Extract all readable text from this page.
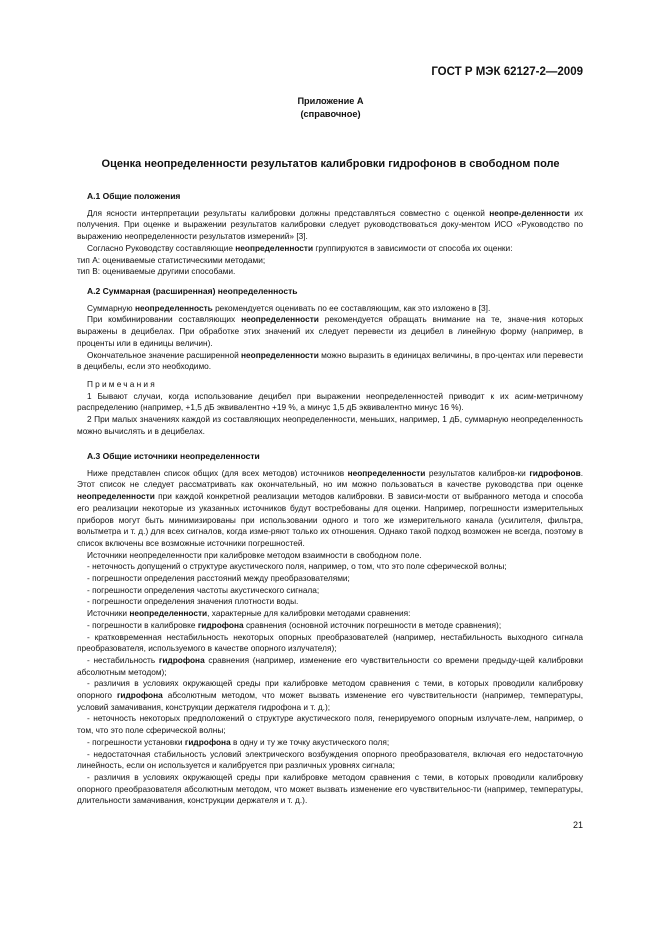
ГОСТ Р МЭК 62127-2—2009
Приложение А
(справочное)
Оценка неопределенности результатов калибровки гидрофонов в свободном поле

А.1 Общие положения

Для ясности интерпретации результаты калибровки должны представляться совместно с оценкой неопре-деленности их получения. При оценке и выражении результатов калибровки следует руководствоваться доку-ментом ИСО «Руководство по выражению неопределенности результатов измерений» [3].

Согласно Руководству составляющие неопределенности группируются в зависимости от способа их оценки:

тип А: оцениваемые статистическими методами;

тип В: оцениваемые другими способами.

А.2 Суммарная (расширенная) неопределенность

Суммарную неопределенность рекомендуется оценивать по ее составляющим, как это изложено в [3].

При комбинировании составляющих неопределенности рекомендуется обращать внимание на те, значе-ния которых выражены в децибелах. При обработке этих значений их следует перевести из децибел в линейную форму (например, в проценты или в единицы величин).

Окончательное значение расширенной неопределенности можно выразить в единицах величины, в про-центах или перевести в децибелы, если это необходимо.

Примечания

1 Бывают случаи, когда использование децибел при выражении неопределенностей приводит к их асим-метричному распределению (например, +1,5 дБ эквивалентно +19 %, а минус 1,5 дБ эквивалентно минус 16 %).

2 При малых значениях каждой из составляющих неопределенности, меньших, например, 1 дБ, суммарную неопределенность можно вычислять и в децибелах.

А.3 Общие источники неопределенности

Ниже представлен список общих (для всех методов) источников неопределенности результатов калибров-ки гидрофонов. Этот список не следует рассматривать как окончательный, но им можно пользоваться в качестве руководства при оценке неопределенности при каждой конкретной реализации методов калибровки. В зависи-мости от выбранного метода и способа его реализации некоторые из указанных источников будут востребованы для оценки. Например, погрешности измерительных приборов могут быть минимизированы при использовании одного и того же измерительного канала (усилителя, фильтра, вольтметра и т. д.) для всех сигналов, когда изме-ряют только их отношения. Однако такой подход возможен не всегда, поэтому в список включены все возможные источники погрешностей.

Источники неопределенности при калибровке методом взаимности в свободном поле.

- неточность допущений о структуре акустического поля, например, о том, что это поле сферической волны;

- погрешности определения расстояний между преобразователями;

- погрешности определения частоты акустического сигнала;

- погрешности определения значения плотности воды.

Источники неопределенности, характерные для калибровки методами сравнения:

- погрешности в калибровке гидрофона сравнения (основной источник погрешности в методе сравнения);

- кратковременная нестабильность некоторых опорных преобразователей (например, нестабильность выходного сигнала преобразователя, используемого в качестве опорного излучателя);

- нестабильность гидрофона сравнения (например, изменение его чувствительности со времени предыду-щей калибровки абсолютным методом);

- различия в условиях окружающей среды при калибровке методом сравнения с теми, в которых проводили калибровку опорного гидрофона абсолютным методом, что может вызвать изменение его чувствительности (например, температуры, условий замачивания, конструкции держателя гидрофона и т. д.);

- неточность некоторых предположений о структуре акустического поля, генерируемого опорным излучате-лем, например, о том, что это поле сферической волны;

- погрешности установки гидрофона в одну и ту же точку акустического поля;

- недостаточная стабильность условий электрического возбуждения опорного преобразователя, включая его недостаточную линейность, если он используется и калибруется при различных уровнях сигнала;

- различия в условиях окружающей среды при калибровке методом сравнения с теми, в которых проводили калибровку опорного преобразователя абсолютным методом, что может вызвать изменение его чувствительнос-ти (например, температуры, длительности замачивания, конструкции держателя и т. д.).

21
